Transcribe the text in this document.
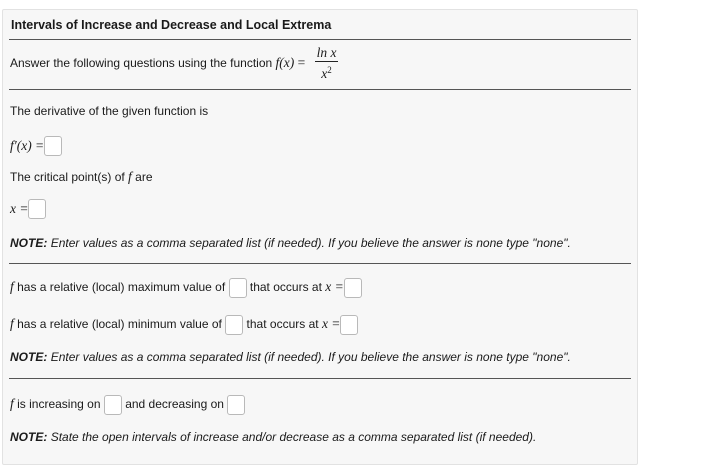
Intervals of Increase and Decrease and Local Extrema
Answer the following questions using the function $f(x) = \frac{\text{ln x}}{x^2}$
The derivative of the given function is
f′(x) =
The critical point(s) of f are
x =
NOTE: Enter values as a comma separated list (if needed). If you believe the answer is none type "none".
f has a relative (local) maximum value of that occurs at x =
f has a relative (local) minimum value of that occurs at x =
NOTE: Enter values as a comma separated list (if needed). If you believe the answer is none type "none".
f is increasing on and decreasing on
NOTE: State the open intervals of increase and/or decrease as a comma separated list (if needed).
